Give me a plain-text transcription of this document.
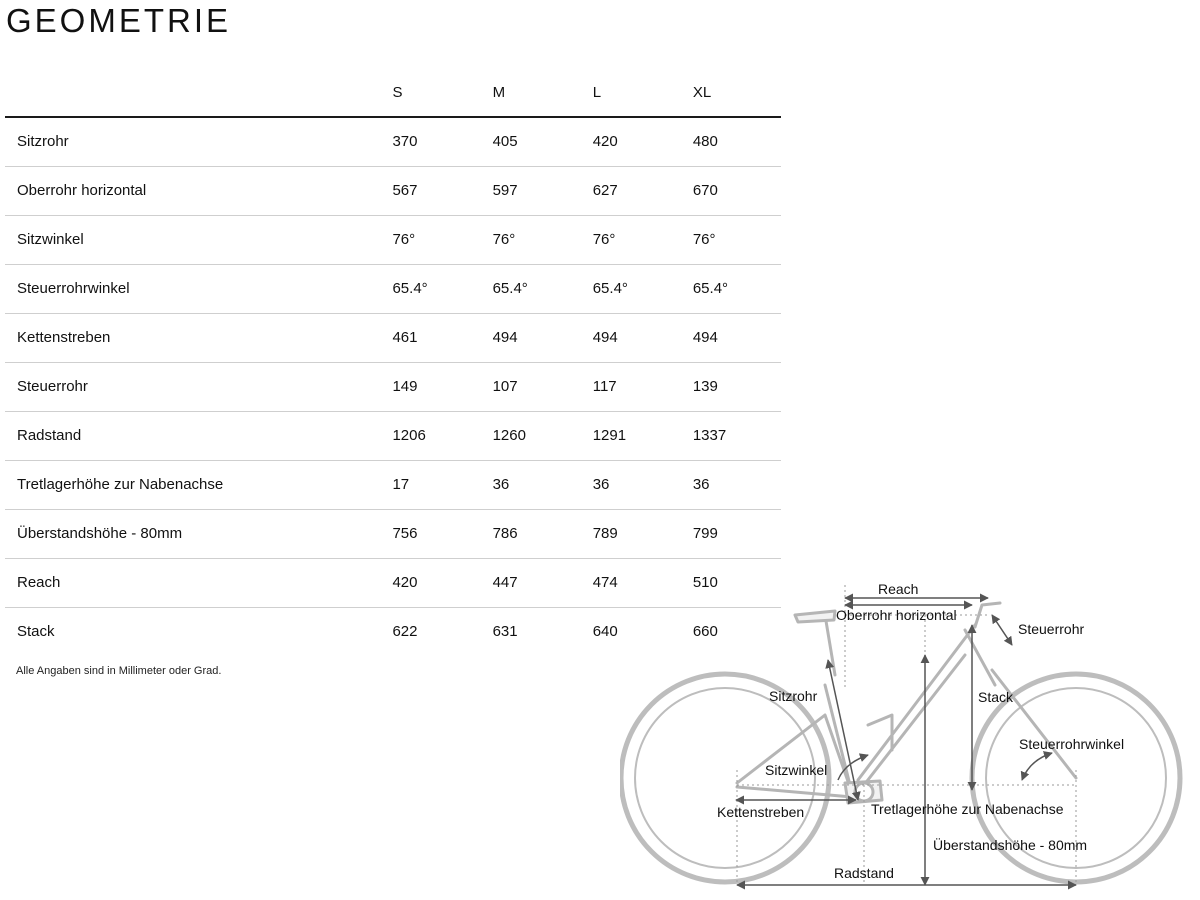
GEOMETRIE
	S	M	L	XL
Sitzrohr	370	405	420	480
Oberrohr horizontal	567	597	627	670
Sitzwinkel	76°	76°	76°	76°
Steuerrohrwinkel	65.4°	65.4°	65.4°	65.4°
Kettenstreben	461	494	494	494
Steuerrohr	149	107	117	139
Radstand	1206	1260	1291	1337
Tretlagerhöhe zur Nabenachse	17	36	36	36
Überstandshöhe - 80mm	756	786	789	799
Reach	420	447	474	510
Stack	622	631	640	660
Alle Angaben sind in Millimeter oder Grad.
Reach
Oberrohr horizontal
Steuerrohr
Sitzrohr	Stack
Steuerrohrwinkel
Sitzwinkel
Tretlagerhöhe zur Nabenachse
Kettenstreben
Überstandshöhe - 80mm
Radstand
